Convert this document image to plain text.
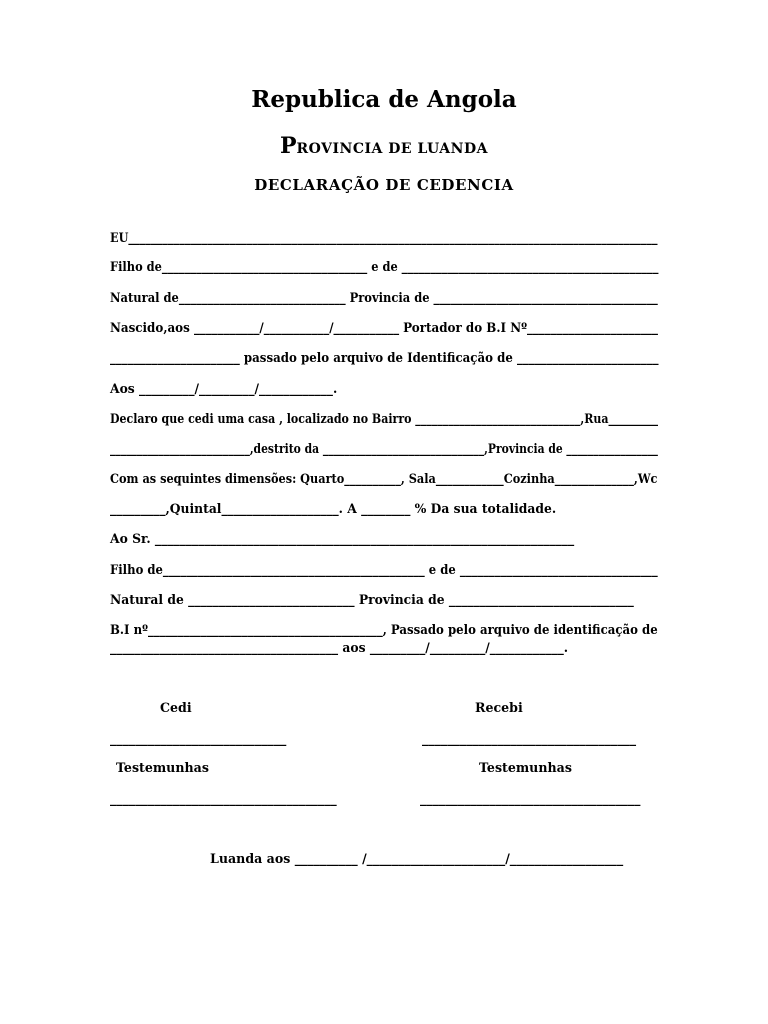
Republica de Angola
PROVINCIA DE LUANDA
DECLARAÇÃO DE CEDENCIA
EU______________________________________________________________________________________________
Filho de____________________________________ e de _____________________________________________
Natural de_____________________________ Provincia de _______________________________________
Nascido,aos ___________/___________/___________ Portador do B.I Nº______________________
______________________ passado pelo arquivo de Identificação de ________________________
Aos _________/_________/____________.
Declaro que cedi uma casa , localizado no Bairro ______________________________,Rua_________
__________________________,destrito da ______________________________,Provincia de _________________
Com as sequintes dimensões: Quarto__________, Sala____________Cozinha______________,Wc
_________,Quintal___________________. A ________ % Da sua totalidade.
Ao Sr. ____________________________________________________________________
Filho de_____________________________________________ e de __________________________________
Natural de ___________________________ Provincia de ______________________________
B.I nº________________________________________, Passado pelo arquivo de identificação de
_____________________________________ aos _________/_________/____________.
Cedi	Recebi
____________________________	__________________________________
Testemunhas	Testemunhas
____________________________________	___________________________________
Luanda aos __________ /______________________/__________________
